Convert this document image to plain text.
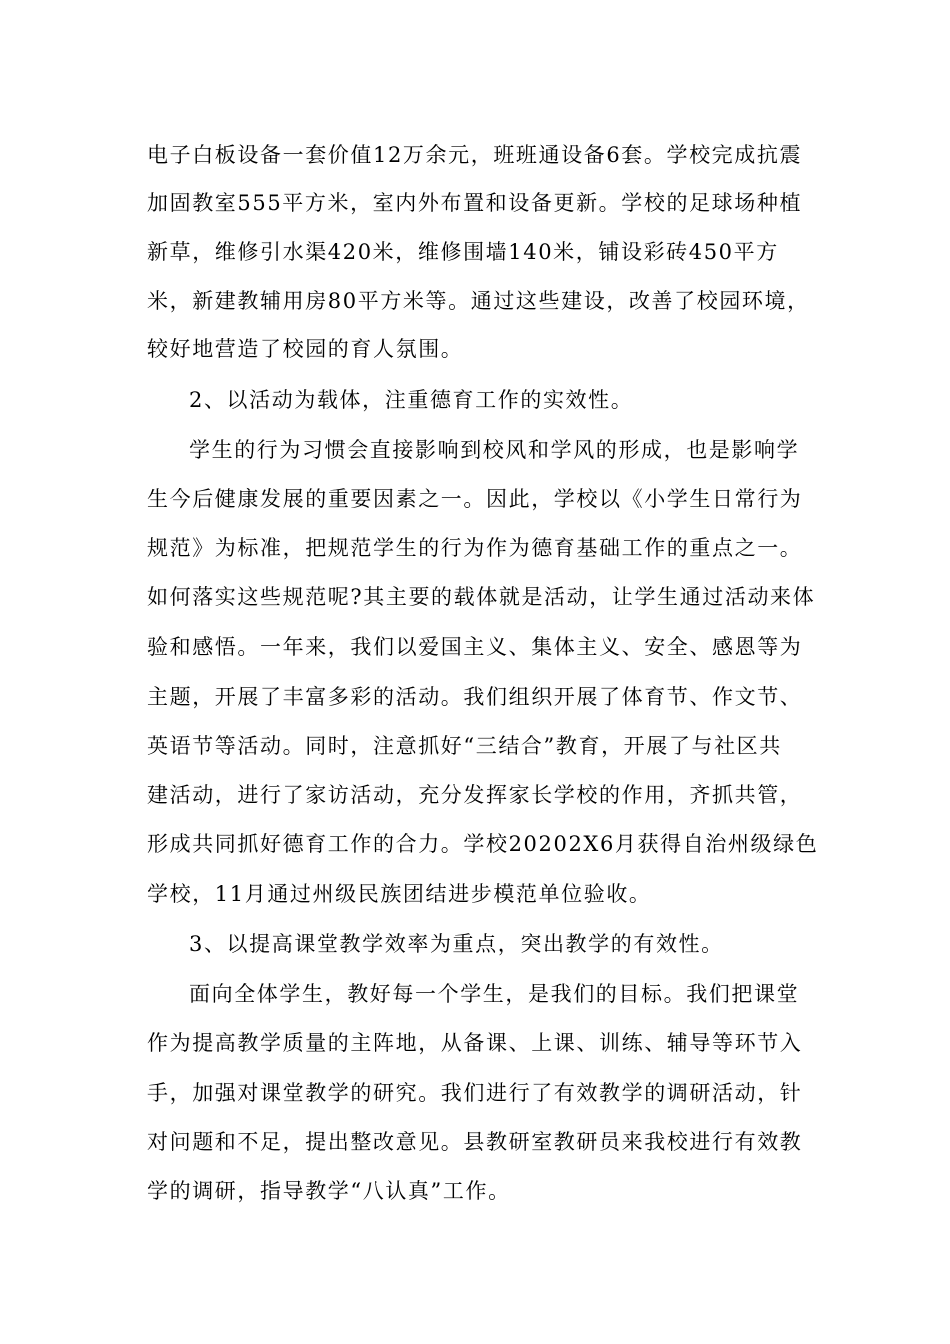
电子白板设备一套价值12万余元，班班通设备6套。学校完成抗震
加固教室555平方米，室内外布置和设备更新。学校的足球场种植
新草，维修引水渠420米，维修围墙140米，铺设彩砖450平方
米，新建教辅用房80平方米等。通过这些建设，改善了校园环境，
较好地营造了校园的育人氛围。
2、以活动为载体，注重德育工作的实效性。
学生的行为习惯会直接影响到校风和学风的形成，也是影响学
生今后健康发展的重要因素之一。因此，学校以《小学生日常行为
规范》为标准，把规范学生的行为作为德育基础工作的重点之一。
如何落实这些规范呢?其主要的载体就是活动，让学生通过活动来体
验和感悟。一年来，我们以爱国主义、集体主义、安全、感恩等为
主题，开展了丰富多彩的活动。我们组织开展了体育节、作文节、
英语节等活动。同时，注意抓好“三结合”教育，开展了与社区共
建活动，进行了家访活动，充分发挥家长学校的作用，齐抓共管，
形成共同抓好德育工作的合力。学校20202X6月获得自治州级绿色
学校，11月通过州级民族团结进步模范单位验收。
3、以提高课堂教学效率为重点，突出教学的有效性。
面向全体学生，教好每一个学生，是我们的目标。我们把课堂
作为提高教学质量的主阵地，从备课、上课、训练、辅导等环节入
手，加强对课堂教学的研究。我们进行了有效教学的调研活动，针
对问题和不足，提出整改意见。县教研室教研员来我校进行有效教
学的调研，指导教学“八认真”工作。
